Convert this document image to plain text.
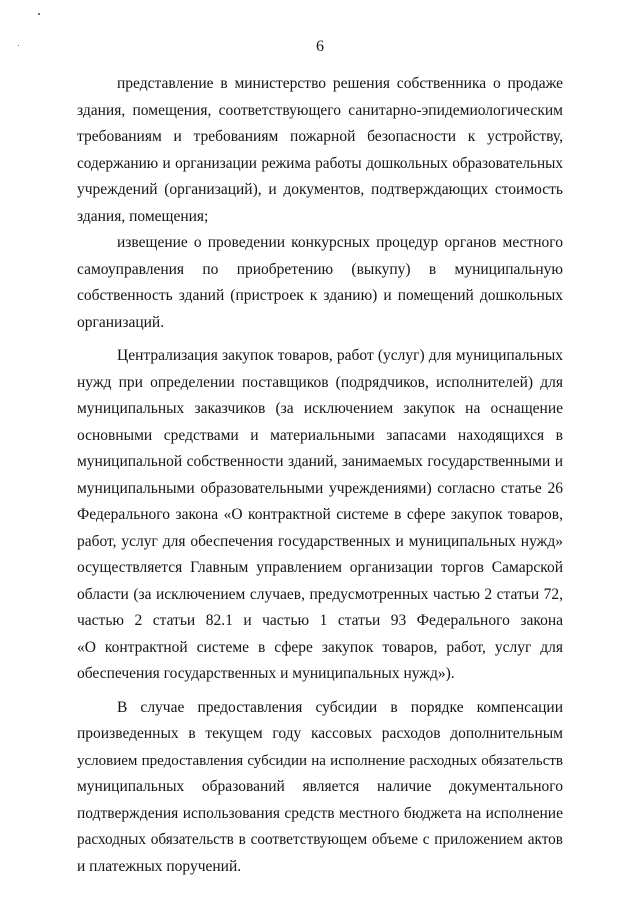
6

представление в министерство решения собственника о продаже
здания, помещения, соответствующего санитарно-эпидемиологическим
требованиям и требованиям пожарной безопасности к устройству,
содержанию и организации режима работы дошкольных образовательных
учреждений (организаций), и документов, подтверждающих стоимость
здания, помещения;

извещение о проведении конкурсных процедур органов местного
самоуправления по приобретению (выкупу) в муниципальную
собственность зданий (пристроек к зданию) и помещений дошкольных
организаций.

Централизация закупок товаров, работ (услуг) для муниципальных
нужд при определении поставщиков (подрядчиков, исполнителей) для
муниципальных заказчиков (за исключением закупок на оснащение
основными средствами и материальными запасами находящихся в
муниципальной собственности зданий, занимаемых государственными и
муниципальными образовательными учреждениями) согласно статье 26
Федерального закона «О контрактной системе в сфере закупок товаров,
работ, услуг для обеспечения государственных и муниципальных нужд»
осуществляется Главным управлением организации торгов Самарской
области (за исключением случаев, предусмотренных частью 2 статьи 72,
частью 2 статьи 82.1 и частью 1 статьи 93 Федерального закона
«О контрактной системе в сфере закупок товаров, работ, услуг для
обеспечения государственных и муниципальных нужд»).

В случае предоставления субсидии в порядке компенсации
произведенных в текущем году кассовых расходов дополнительным
условием предоставления субсидии на исполнение расходных обязательств
муниципальных образований является наличие документального
подтверждения использования средств местного бюджета на исполнение
расходных обязательств в соответствующем объеме с приложением актов
и платежных поручений.
